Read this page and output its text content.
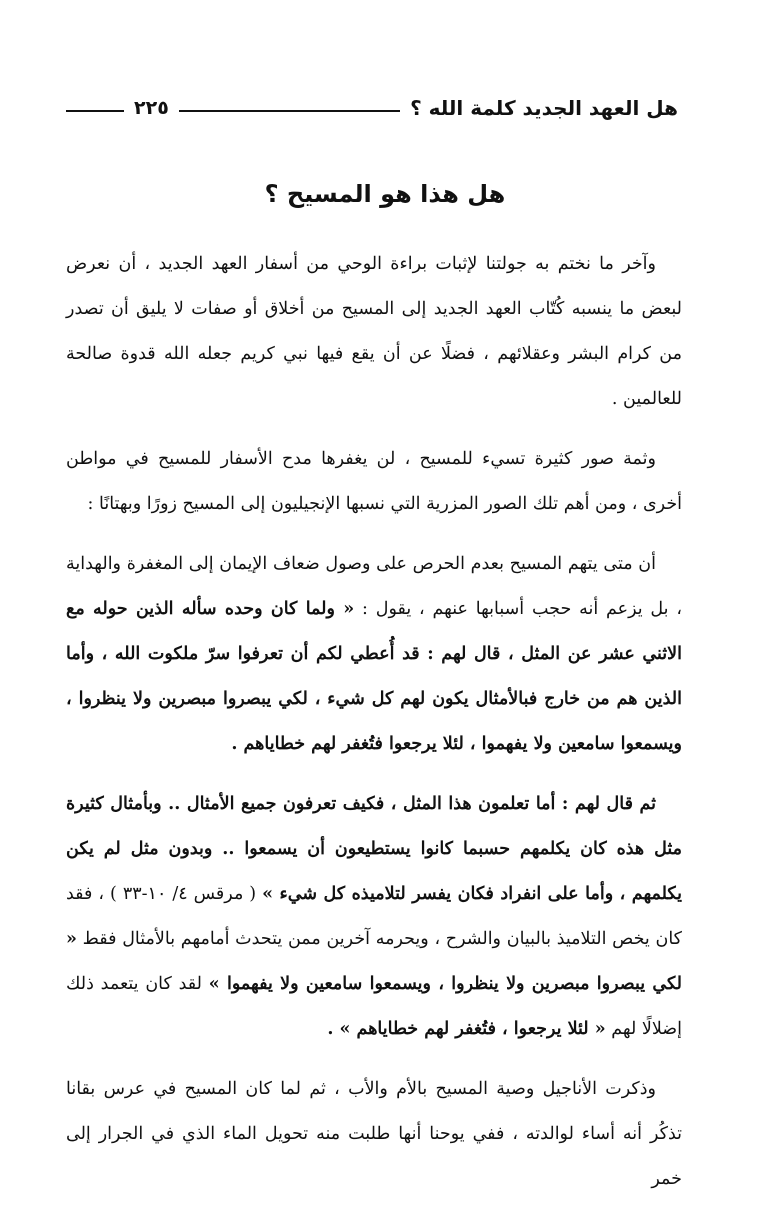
هل العهد الجديد كلمة الله ؟
٢٢٥
هل هذا هو المسيح ؟

وآخر ما نختم به جولتنا لإثبات براءة الوحي من أسفار العهد الجديد ، أن نعرض لبعض ما ينسبه كُتّاب العهد الجديد إلى المسيح من أخلاق أو صفات لا يليق أن تصدر من كرام البشر وعقلائهم ، فضلًا عن أن يقع فيها نبي كريم جعله الله قدوة صالحة للعالمين .

وثمة صور كثيرة تسيء للمسيح ، لن يغفرها مدح الأسفار للمسيح في مواطن أخرى ، ومن أهم تلك الصور المزرية التي نسبها الإنجيليون إلى المسيح زورًا وبهتانًا :

أن متى يتهم المسيح بعدم الحرص على وصول ضعاف الإيمان إلى المغفرة والهداية ، بل يزعم أنه حجب أسبابها عنهم ، يقول : « ولما كان وحده سأله الذين حوله مع الاثني عشر عن المثل ، قال لهم : قد أُعطي لكم أن تعرفوا سرّ ملكوت الله ، وأما الذين هم من خارج فبالأمثال يكون لهم كل شيء ، لكي يبصروا مبصرين ولا ينظروا ، ويسمعوا سامعين ولا يفهموا ، لئلا يرجعوا فتُغفر لهم خطاياهم .

ثم قال لهم : أما تعلمون هذا المثل ، فكيف تعرفون جميع الأمثال .. وبأمثال كثيرة مثل هذه كان يكلمهم حسبما كانوا يستطيعون أن يسمعوا .. وبدون مثل لم يكن يكلمهم ، وأما على انفراد فكان يفسر لتلاميذه كل شيء » ( مرقس ٤/ ١٠-٣٣ ) ، فقد كان يخص التلاميذ بالبيان والشرح ، ويحرمه آخرين ممن يتحدث أمامهم بالأمثال فقط « لكي يبصروا مبصرين ولا ينظروا ، ويسمعوا سامعين ولا يفهموا » لقد كان يتعمد ذلك إضلالًا لهم « لئلا يرجعوا ، فتُغفر لهم خطاياهم » .

وذكرت الأناجيل وصية المسيح بالأم والأب ، ثم لما كان المسيح في عرس بقانا تذكُر أنه أساء لوالدته ، ففي يوحنا أنها طلبت منه تحويل الماء الذي في الجرار إلى خمر
